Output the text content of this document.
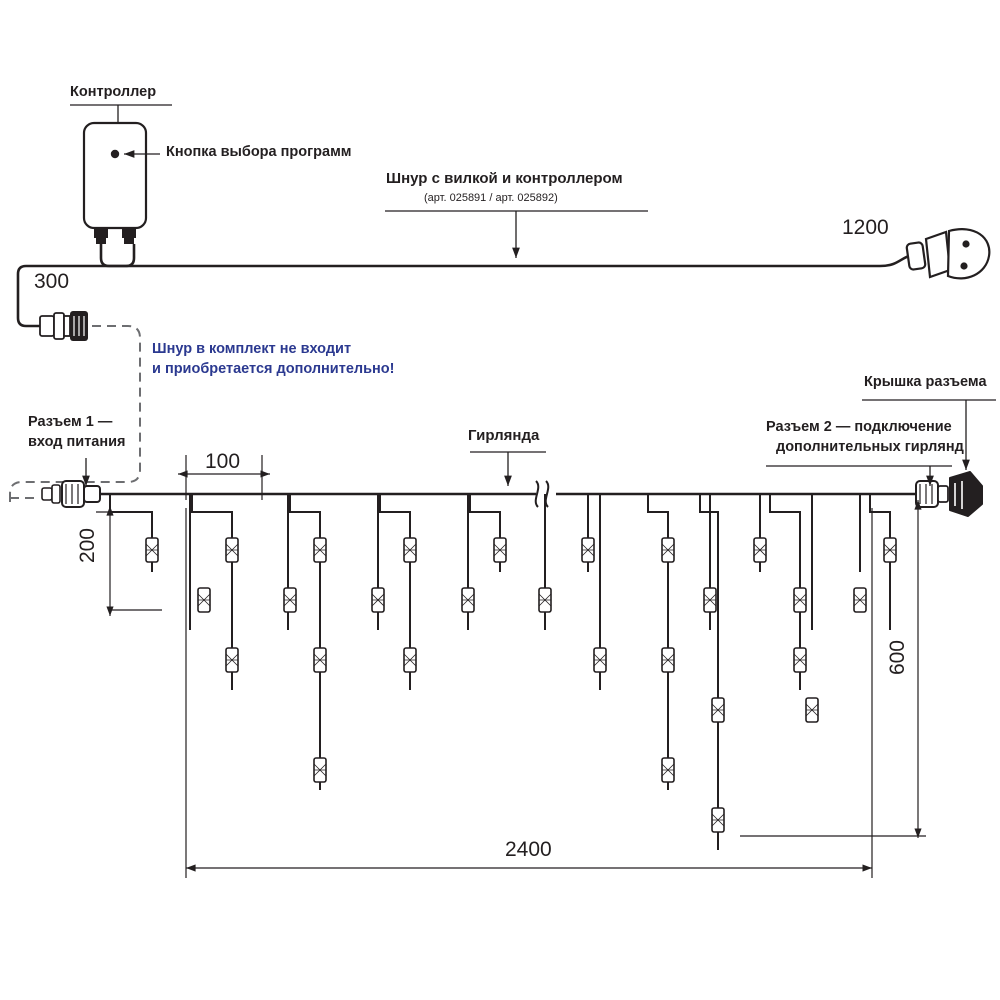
Контроллер
Кнопка выбора программ
Шнур с вилкой и контроллером
(арт. 025891 / арт. 025892)
1200
300
Шнур в комплект не входит
и приобретается дополнительно!
Разъем 1 —
вход питания	Гирлянда
Крышка разъема
Разъем 2 — подключение
дополнительных гирлянд
100
200
600
2400
